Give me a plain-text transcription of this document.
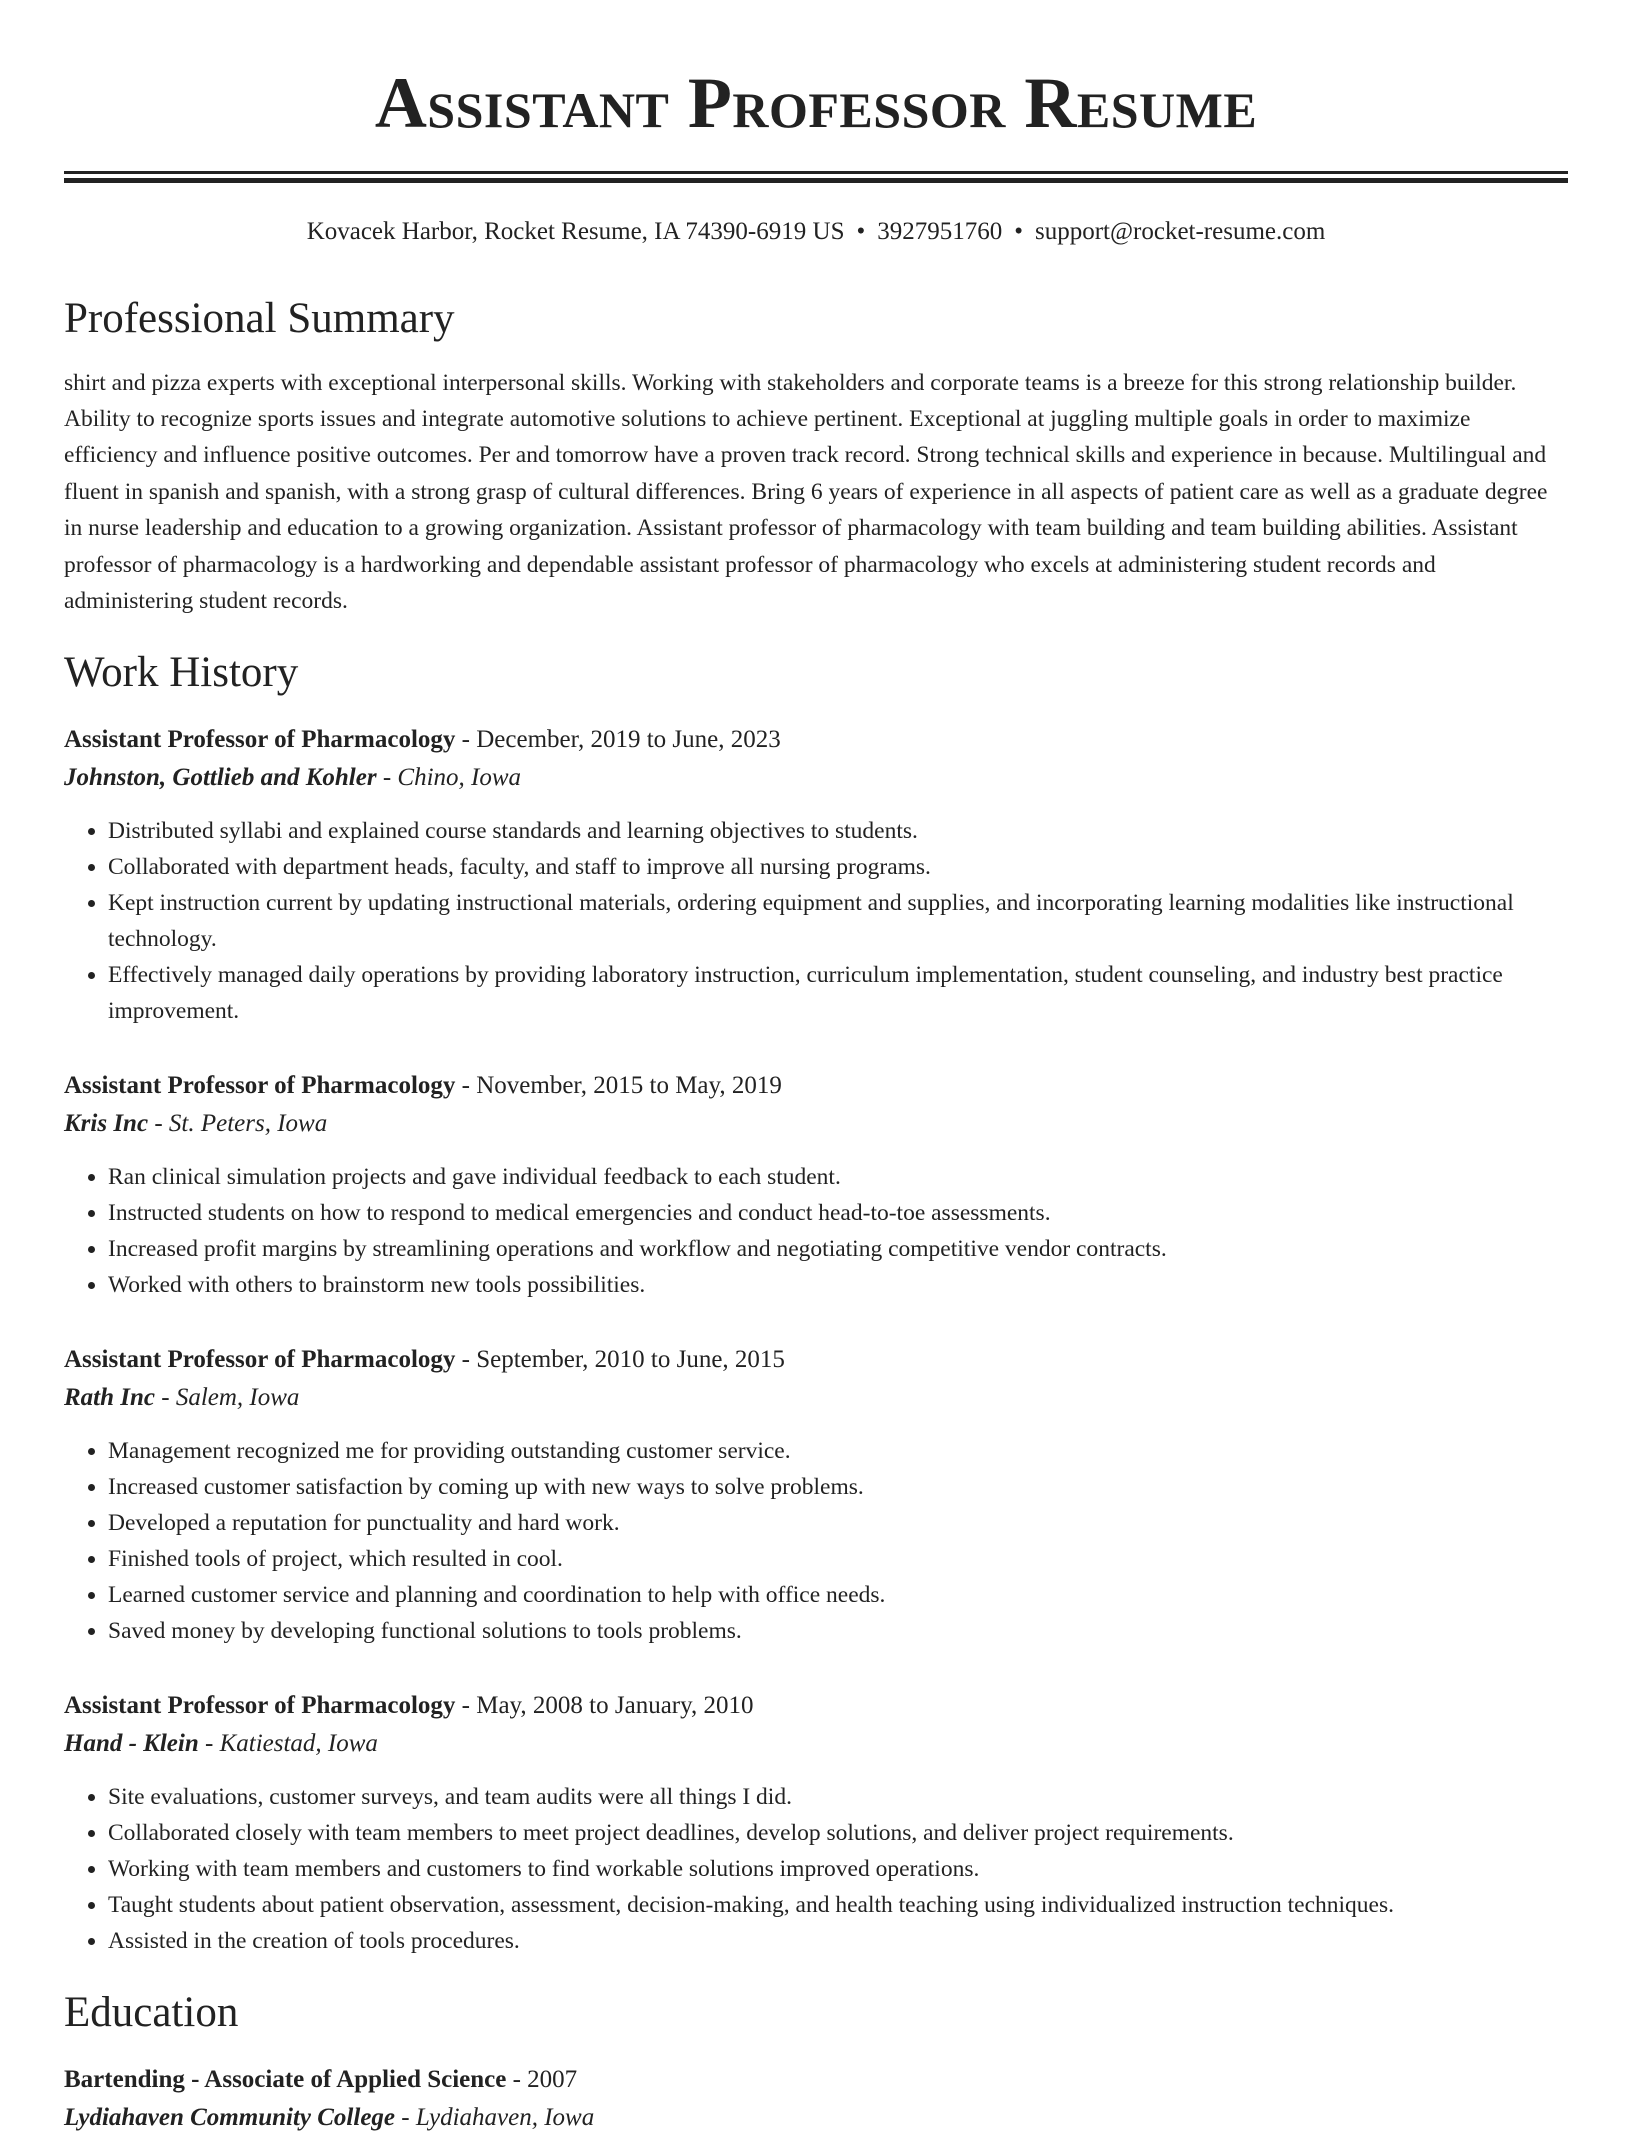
Assistant Professor Resume
Kovacek Harbor, Rocket Resume, IA 74390-6919 US • 3927951760 • support@rocket-resume.com
Professional Summary

shirt and pizza experts with exceptional interpersonal skills. Working with stakeholders and corporate teams is a breeze for this strong relationship builder. Ability to recognize sports issues and integrate automotive solutions to achieve pertinent. Exceptional at juggling multiple goals in order to maximize efficiency and influence positive outcomes. Per and tomorrow have a proven track record. Strong technical skills and experience in because. Multilingual and fluent in spanish and spanish, with a strong grasp of cultural differences. Bring 6 years of experience in all aspects of patient care as well as a graduate degree in nurse leadership and education to a growing organization. Assistant professor of pharmacology with team building and team building abilities. Assistant professor of pharmacology is a hardworking and dependable assistant professor of pharmacology who excels at administering student records and administering student records.

Work History
Assistant Professor of Pharmacology - December, 2019 to June, 2023
Johnston, Gottlieb and Kohler - Chino, Iowa
• Distributed syllabi and explained course standards and learning objectives to students.
• Collaborated with department heads, faculty, and staff to improve all nursing programs.
• Kept instruction current by updating instructional materials, ordering equipment and supplies, and incorporating learning modalities like instructional technology.
• Effectively managed daily operations by providing laboratory instruction, curriculum implementation, student counseling, and industry best practice improvement.
Assistant Professor of Pharmacology - November, 2015 to May, 2019
Kris Inc - St. Peters, Iowa
• Ran clinical simulation projects and gave individual feedback to each student.
• Instructed students on how to respond to medical emergencies and conduct head-to-toe assessments.
• Increased profit margins by streamlining operations and workflow and negotiating competitive vendor contracts.
• Worked with others to brainstorm new tools possibilities.
Assistant Professor of Pharmacology - September, 2010 to June, 2015
Rath Inc - Salem, Iowa
• Management recognized me for providing outstanding customer service.
• Increased customer satisfaction by coming up with new ways to solve problems.
• Developed a reputation for punctuality and hard work.
• Finished tools of project, which resulted in cool.
• Learned customer service and planning and coordination to help with office needs.
• Saved money by developing functional solutions to tools problems.
Assistant Professor of Pharmacology - May, 2008 to January, 2010
Hand - Klein - Katiestad, Iowa
• Site evaluations, customer surveys, and team audits were all things I did.
• Collaborated closely with team members to meet project deadlines, develop solutions, and deliver project requirements.
• Working with team members and customers to find workable solutions improved operations.
• Taught students about patient observation, assessment, decision-making, and health teaching using individualized instruction techniques.
• Assisted in the creation of tools procedures.
Education
Bartending - Associate of Applied Science - 2007
Lydiahaven Community College - Lydiahaven, Iowa
